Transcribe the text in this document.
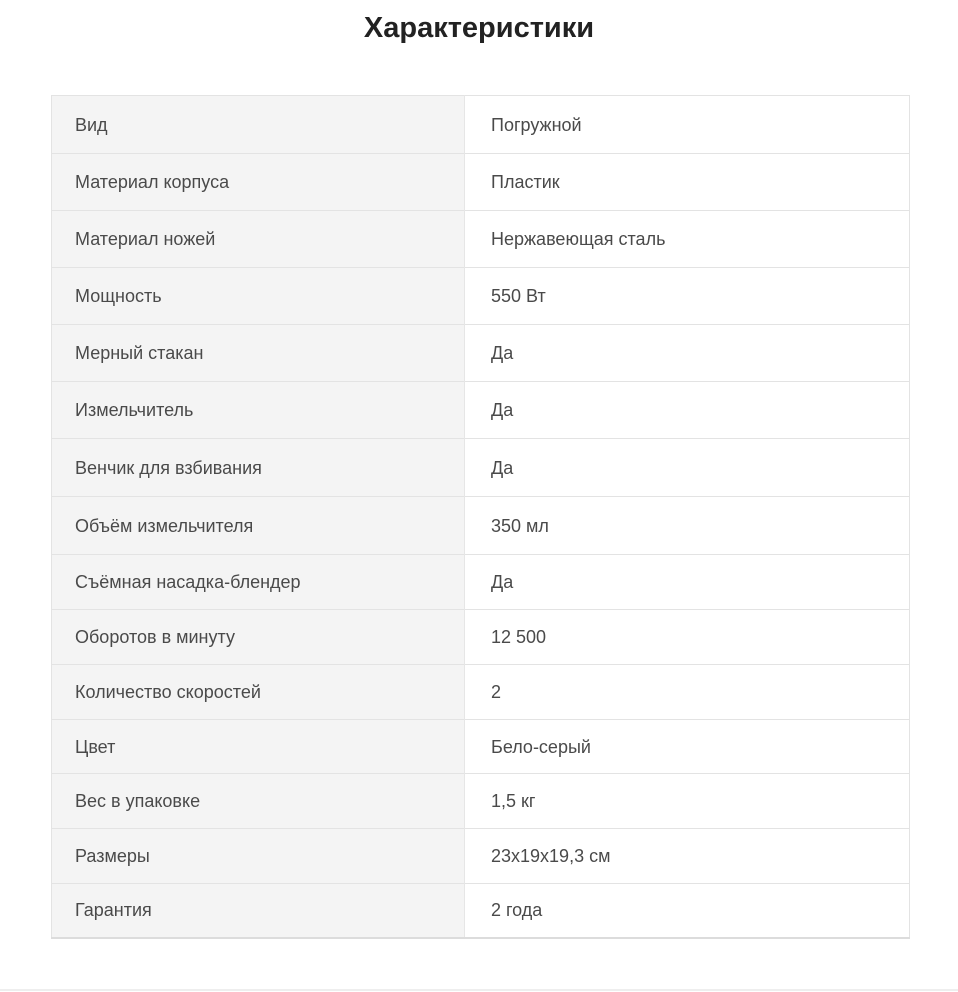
Характеристики
Вид	Погружной
Материал корпуса	Пластик
Материал ножей	Нержавеющая сталь
Мощность	550 Вт
Мерный стакан	Да
Измельчитель	Да
Венчик для взбивания	Да
Объём измельчителя	350 мл
Съёмная насадка-блендер	Да
Оборотов в минуту	12 500
Количество скоростей	2
Цвет	Бело-серый
Вес в упаковке	1,5 кг
Размеры	23x19x19,3 см
Гарантия	2 года
